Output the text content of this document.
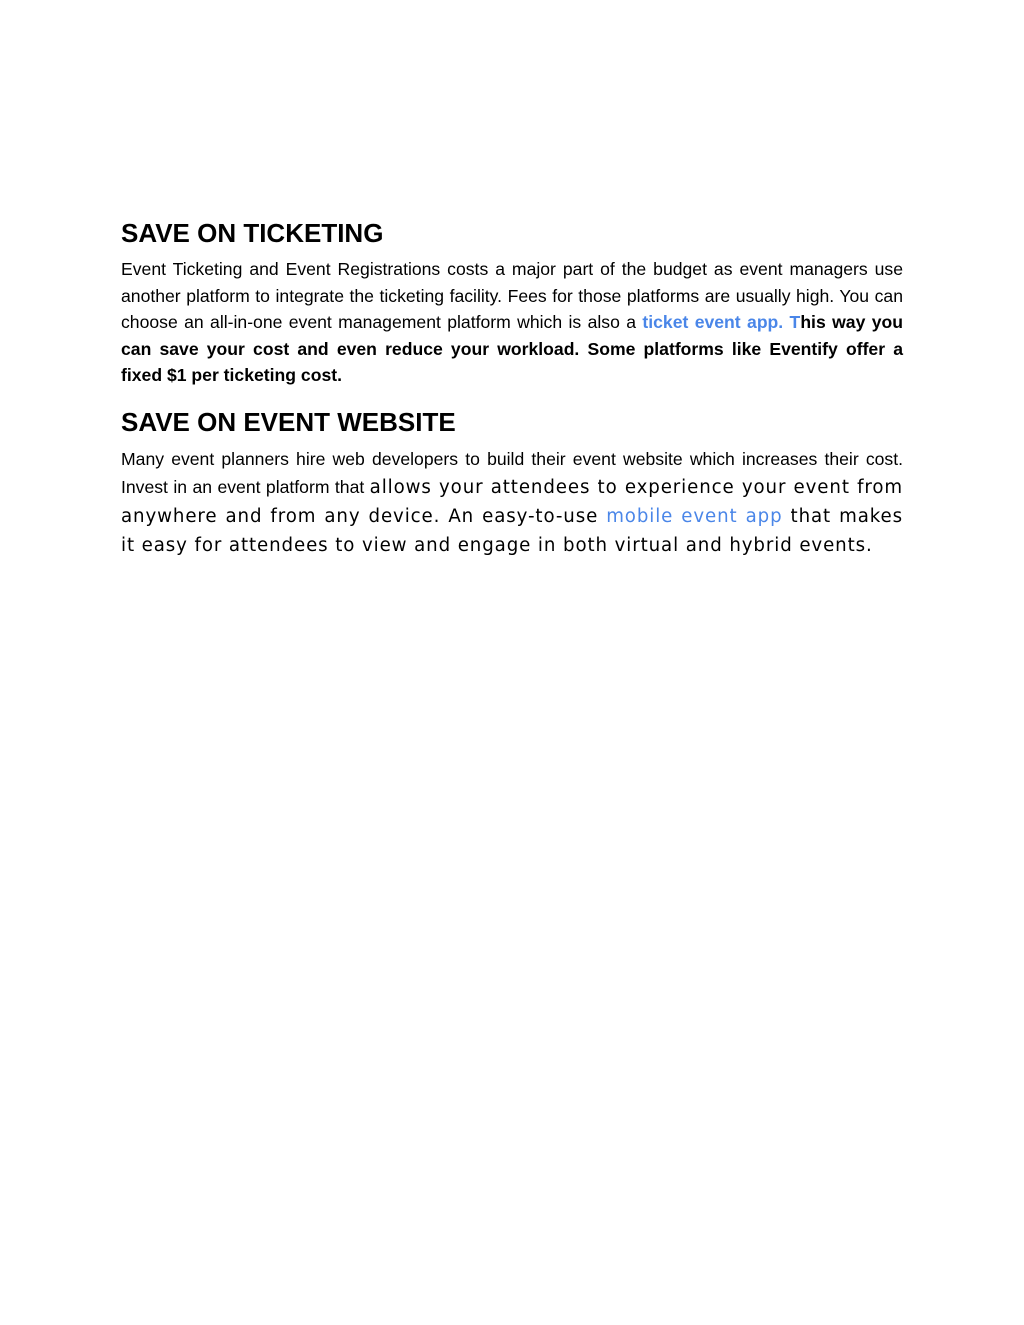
SAVE ON TICKETING

Event Ticketing and Event Registrations costs a major part of the budget as event managers use another platform to integrate the ticketing facility. Fees for those platforms are usually high. You can choose an all-in-one event management platform which is also a ticket event app. This way you can save your cost and even reduce your workload. Some platforms like Eventify offer a fixed $1 per ticketing cost.

SAVE ON EVENT WEBSITE

Many event planners hire web developers to build their event website which increases their cost. Invest in an event platform that allows your attendees to experience your event from anywhere and from any device. An easy-to-use mobile event app that makes it easy for attendees to view and engage in both virtual and hybrid events.
